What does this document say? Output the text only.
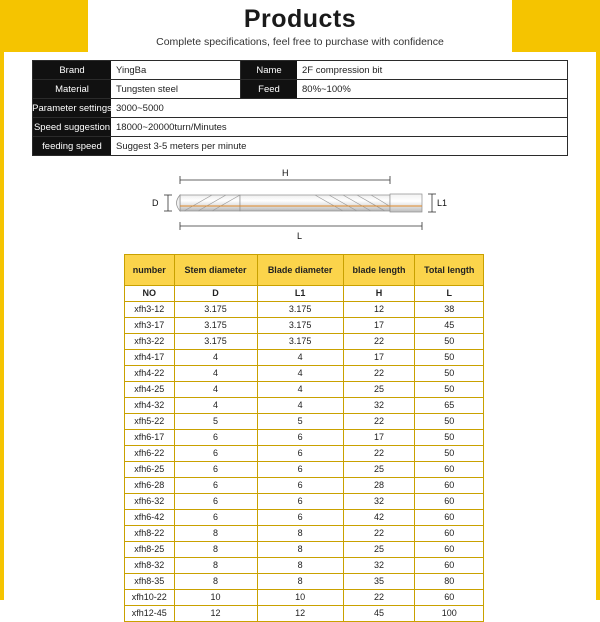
Products
Complete specifications, feel free to purchase with confidence
Brand	YingBa	Name	2F compression bit
Material	Tungsten steel	Feed	80%~100%
Parameter settings 3000~5000
Speed suggestion 18000~20000turn/Minutes
feeding speed	Suggest 3-5 meters per minute
H
D	L1
L
number	Stem diameter	Blade diameter	blade length	Total length
NO	D	L1	H	L
xfh3-12	3.175	3.175	12	38
xfh3-17	3.175	3.175	17	45
xfh3-22	3.175	3.175	22	50
xfh4-17	4	4	17	50
xfh4-22	4	4	22	50
xfh4-25	4	4	25	50
xfh4-32	4	4	32	65
xfh5-22	5	5	22	50
xfh6-17	6	6	17	50
xfh6-22	6	6	22	50
xfh6-25	6	6	25	60
xfh6-28	6	6	28	60
xfh6-32	6	6	32	60
xfh6-42	6	6	42	60
xfh8-22	8	8	22	60
xfh8-25	8	8	25	60
xfh8-32	8	8	32	60
xfh8-35	8	8	35	80
xfh10-22	10	10	22	60
xfh12-45	12	12	45	100
